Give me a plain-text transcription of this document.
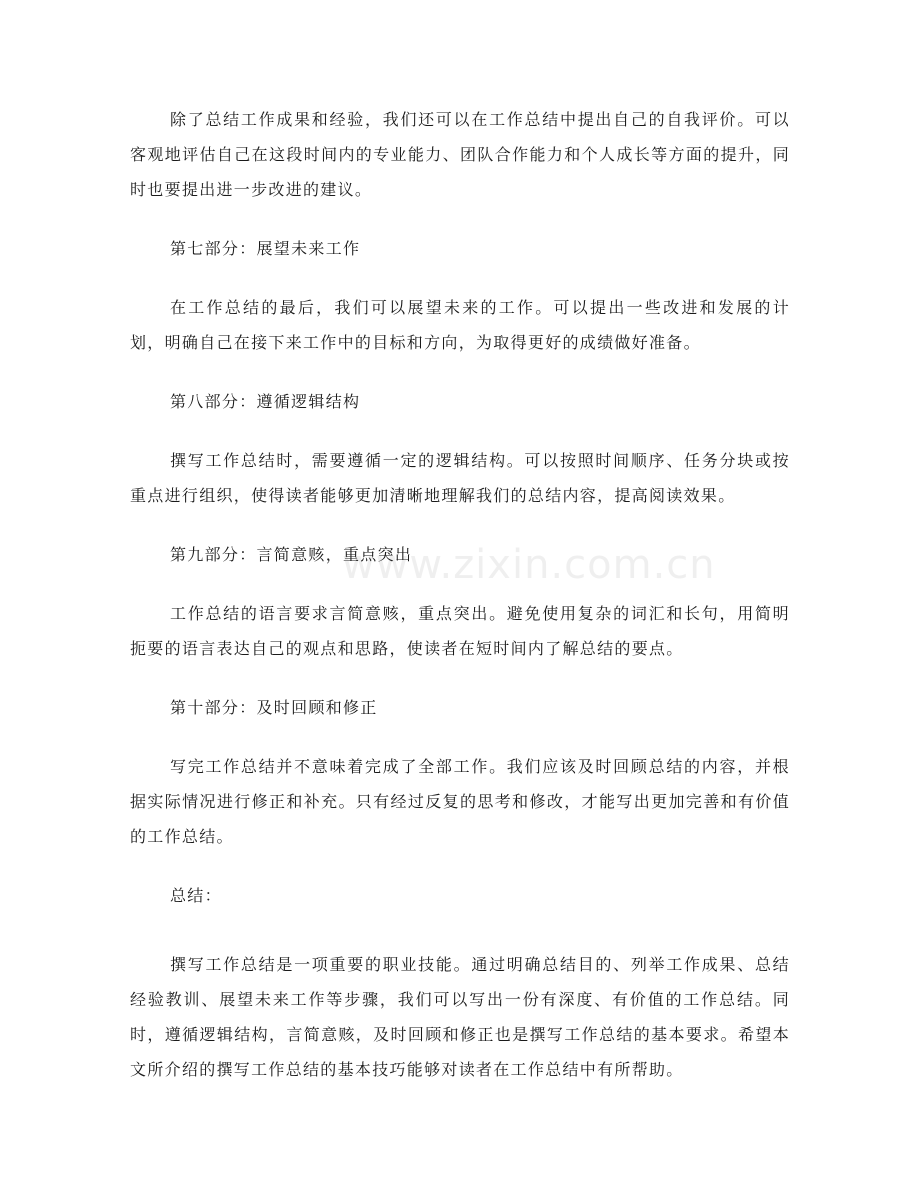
除了总结工作成果和经验，我们还可以在工作总结中提出自己的自我评价。可以客观地评估自己在这段时间内的专业能力、团队合作能力和个人成长等方面的提升，同时也要提出进一步改进的建议。

第七部分：展望未来工作

在工作总结的最后，我们可以展望未来的工作。可以提出一些改进和发展的计划，明确自己在接下来工作中的目标和方向，为取得更好的成绩做好准备。

第八部分：遵循逻辑结构

撰写工作总结时，需要遵循一定的逻辑结构。可以按照时间顺序、任务分块或按重点进行组织，使得读者能够更加清晰地理解我们的总结内容，提高阅读效果。

第九部分：言简意赅，重点突出

工作总结的语言要求言简意赅，重点突出。避免使用复杂的词汇和长句，用简明扼要的语言表达自己的观点和思路，使读者在短时间内了解总结的要点。

第十部分：及时回顾和修正

写完工作总结并不意味着完成了全部工作。我们应该及时回顾总结的内容，并根据实际情况进行修正和补充。只有经过反复的思考和修改，才能写出更加完善和有价值的工作总结。

总结：

撰写工作总结是一项重要的职业技能。通过明确总结目的、列举工作成果、总结经验教训、展望未来工作等步骤，我们可以写出一份有深度、有价值的工作总结。同时，遵循逻辑结构，言简意赅，及时回顾和修正也是撰写工作总结的基本要求。希望本文所介绍的撰写工作总结的基本技巧能够对读者在工作总结中有所帮助。

www.zixin.com.cn
